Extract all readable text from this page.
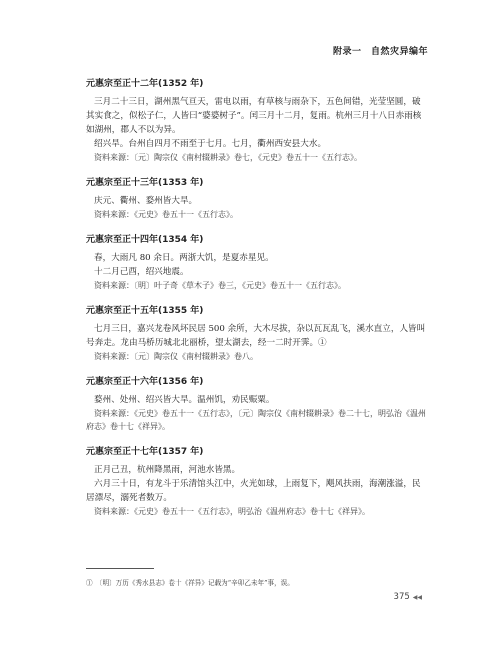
附录一　自然灾异编年

元惠宗至正十二年(1352 年)

三月二十三日，湖州黑气亘天，雷电以雨，有草核与雨杂下，五色间错，光莹坚圆，破其实食之，似松子仁，人皆曰“婆婆树子”。闰三月十二月，复雨。杭州三月十八日赤雨核如湖州，郡人不以为异。

绍兴旱。台州自四月不雨至于七月。七月，衢州西安县大水。

资料来源：〔元〕陶宗仪《南村辍耕录》卷七，《元史》卷五十一《五行志》。

元惠宗至正十三年(1353 年)

庆元、衢州、婺州皆大旱。

资料来源：《元史》卷五十一《五行志》。

元惠宗至正十四年(1354 年)

春，大雨凡 80 余日。两浙大饥，是夏赤星见。

十二月己酉，绍兴地震。

资料来源：〔明〕叶子奇《草木子》卷三，《元史》卷五十一《五行志》。

元惠宗至正十五年(1355 年)

七月三日，嘉兴龙卷风坏民居 500 余所，大木尽拔，杂以瓦瓦乱飞，溪水直立，人皆叫号奔走。龙由马桥历城北北丽桥，望太湖去，经一二时开霁。①

资料来源：〔元〕陶宗仪《南村辍耕录》卷八。

元惠宗至正十六年(1356 年)

婺州、处州、绍兴皆大旱。温州饥，劝民赈粟。

资料来源：《元史》卷五十一《五行志》，〔元〕陶宗仪《南村辍耕录》卷二十七，明弘治《温州府志》卷十七《祥异》。

元惠宗至正十七年(1357 年)

正月己丑，杭州降黑雨，河池水皆黑。

六月三十日，有龙斗于乐清馆头江中，火光如球，上雨复下，飓风扶雨，海潮涨溢，民居漂尽，溺死者数万。

资料来源：《元史》卷五十一《五行志》，明弘治《温州府志》卷十七《祥异》。

①　〔明〕万历《秀水县志》卷十《祥异》记载为“辛卯乙未年”事，误。
375 ◀◀
